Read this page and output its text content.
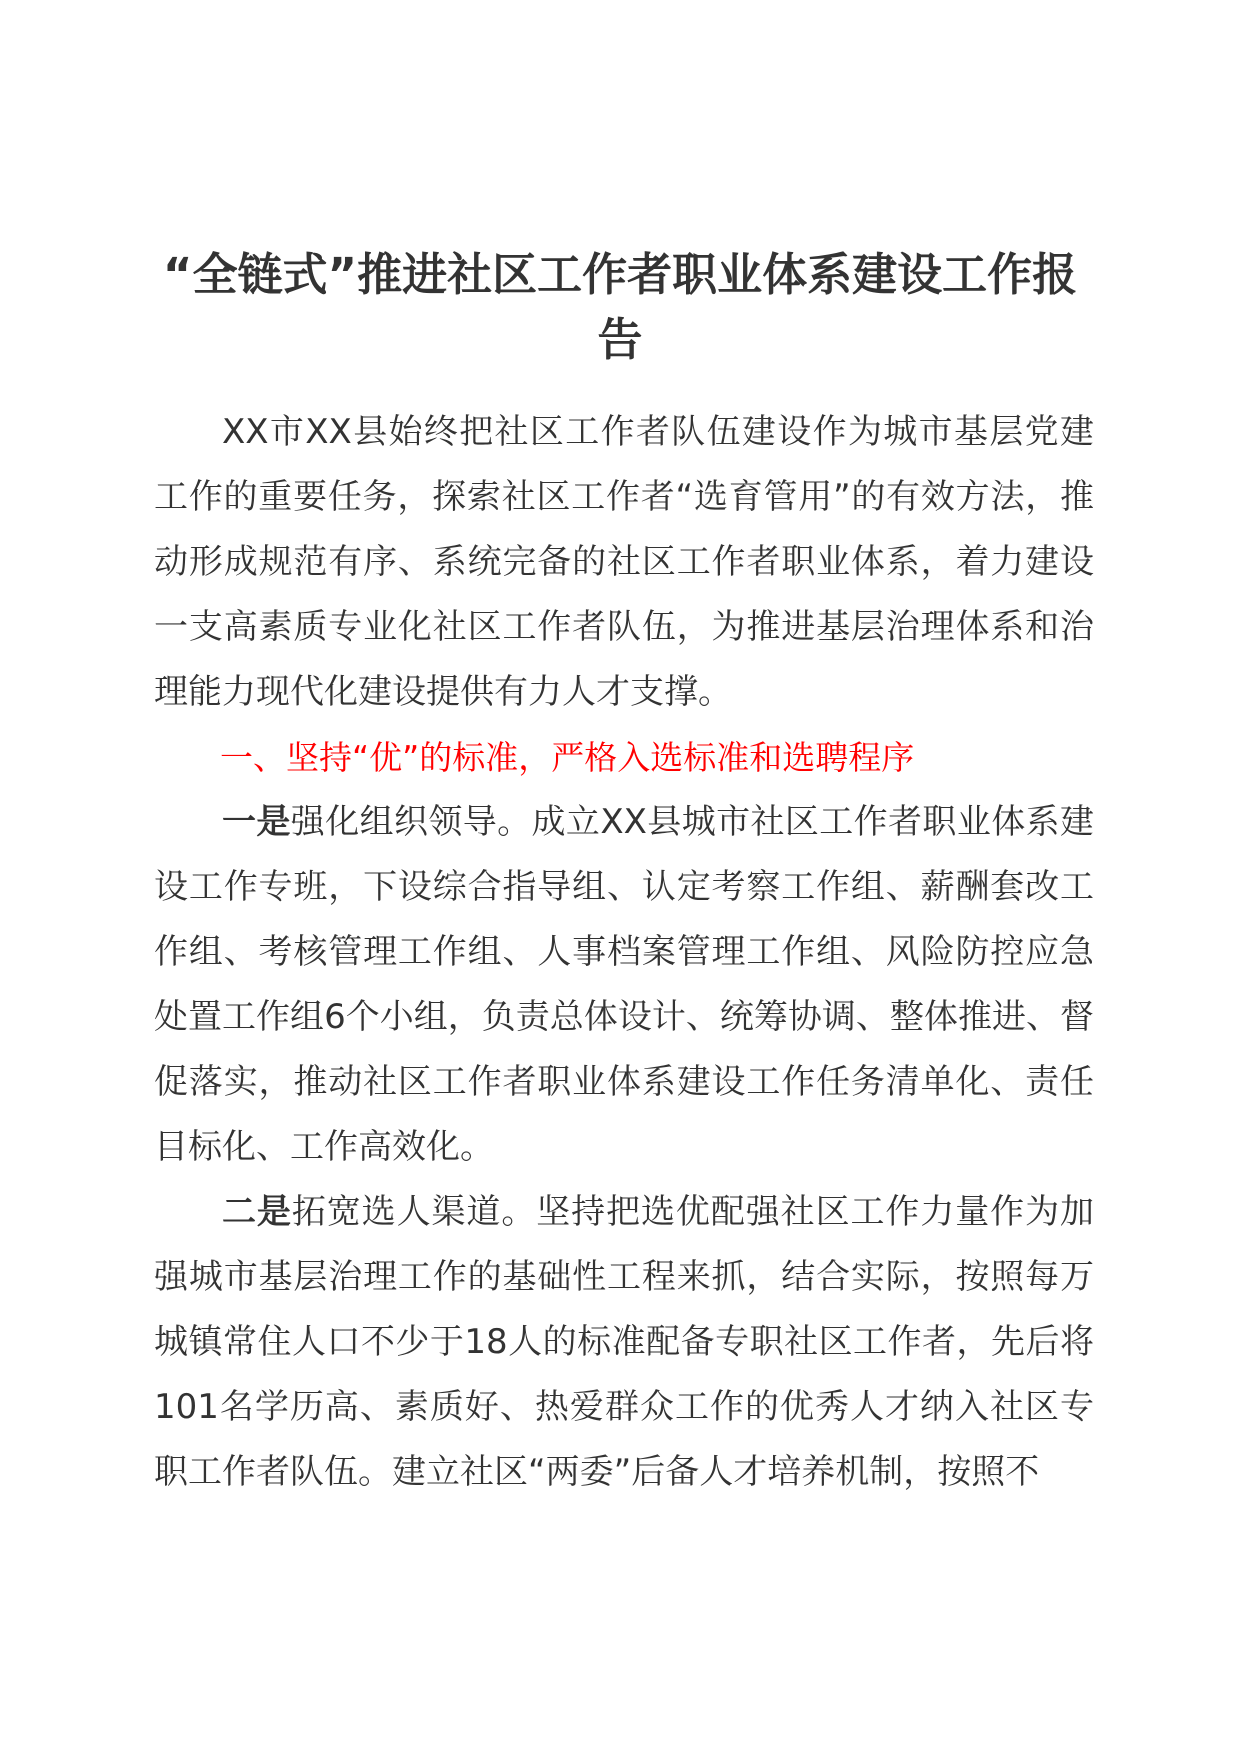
“全链式”推进社区工作者职业体系建设工作报告

XX市XX县始终把社区工作者队伍建设作为城市基层党建工作的重要任务，探索社区工作者“选育管用”的有效方法，推动形成规范有序、系统完备的社区工作者职业体系，着力建设一支高素质专业化社区工作者队伍，为推进基层治理体系和治理能力现代化建设提供有力人才支撑。

一、坚持“优”的标准，严格入选标准和选聘程序

一是强化组织领导。成立XX县城市社区工作者职业体系建设工作专班，下设综合指导组、认定考察工作组、薪酬套改工作组、考核管理工作组、人事档案管理工作组、风险防控应急处置工作组6个小组，负责总体设计、统筹协调、整体推进、督促落实，推动社区工作者职业体系建设工作任务清单化、责任目标化、工作高效化。

二是拓宽选人渠道。坚持把选优配强社区工作力量作为加强城市基层治理工作的基础性工程来抓，结合实际，按照每万城镇常住人口不少于18人的标准配备专职社区工作者，先后将101名学历高、素质好、热爱群众工作的优秀人才纳入社区专职工作者队伍。建立社区“两委”后备人才培养机制，按照不
